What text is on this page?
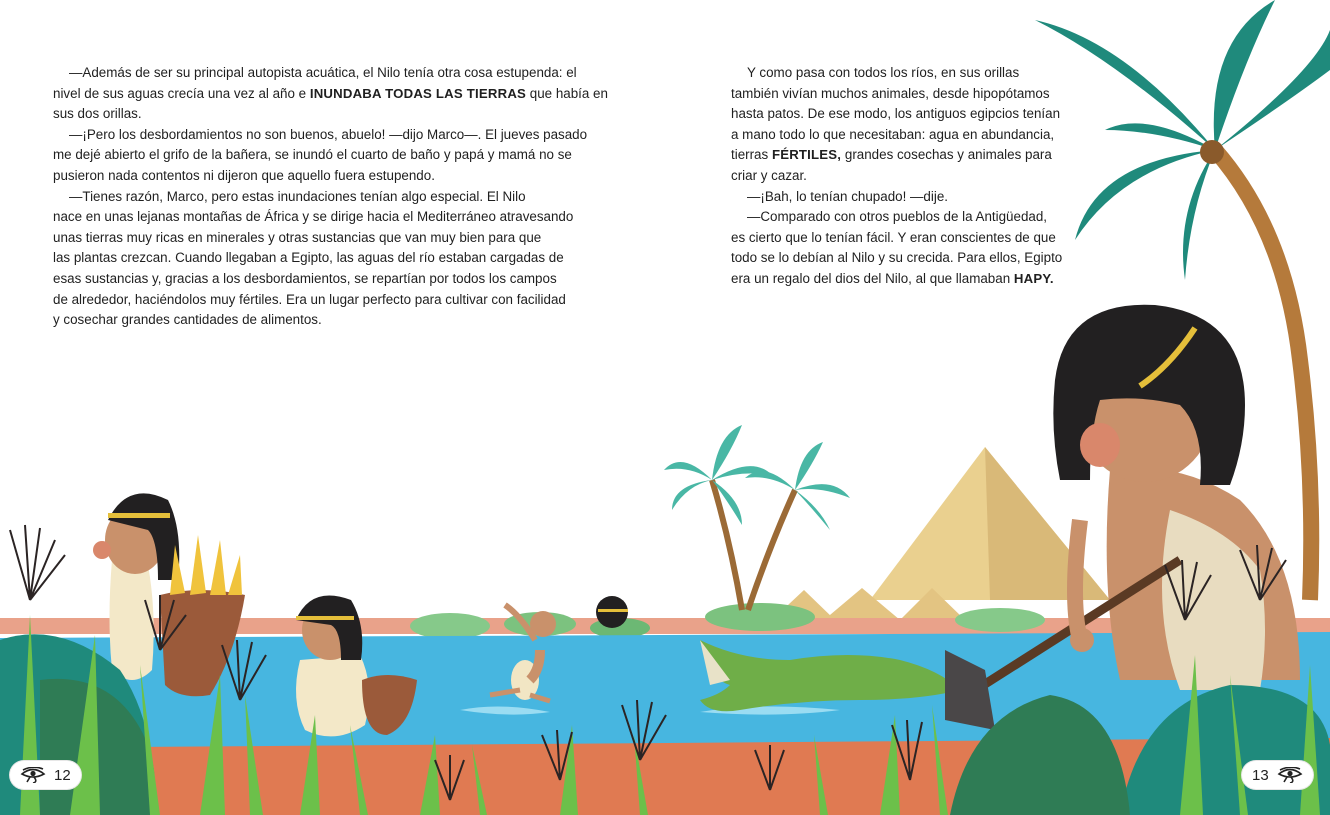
—Además de ser su principal autopista acuática, el Nilo tenía otra cosa estupenda: el
nivel de sus aguas crecía una vez al año e INUNDABA TODAS LAS TIERRAS que había en
sus dos orillas.
—¡Pero los desbordamientos no son buenos, abuelo! —dijo Marco—. El jueves pasado
me dejé abierto el grifo de la bañera, se inundó el cuarto de baño y papá y mamá no se
pusieron nada contentos ni dijeron que aquello fuera estupendo.
—Tienes razón, Marco, pero estas inundaciones tenían algo especial. El Nilo
nace en unas lejanas montañas de África y se dirige hacia el Mediterráneo atravesando
unas tierras muy ricas en minerales y otras sustancias que van muy bien para que
las plantas crezcan. Cuando llegaban a Egipto, las aguas del río estaban cargadas de
esas sustancias y, gracias a los desbordamientos, se repartían por todos los campos
de alrededor, haciéndolos muy fértiles. Era un lugar perfecto para cultivar con facilidad
y cosechar grandes cantidades de alimentos.
Y como pasa con todos los ríos, en sus orillas
también vivían muchos animales, desde hipopótamos
hasta patos. De ese modo, los antiguos egipcios tenían
a mano todo lo que necesitaban: agua en abundancia,
tierras FÉRTILES, grandes cosechas y animales para
criar y cazar.
—¡Bah, lo tenían chupado! —dije.
—Comparado con otros pueblos de la Antigüedad,
es cierto que lo tenían fácil. Y eran conscientes de que
todo se lo debían al Nilo y su crecida. Para ellos, Egipto
era un regalo del dios del Nilo, al que llamaban HAPY.
12	13
